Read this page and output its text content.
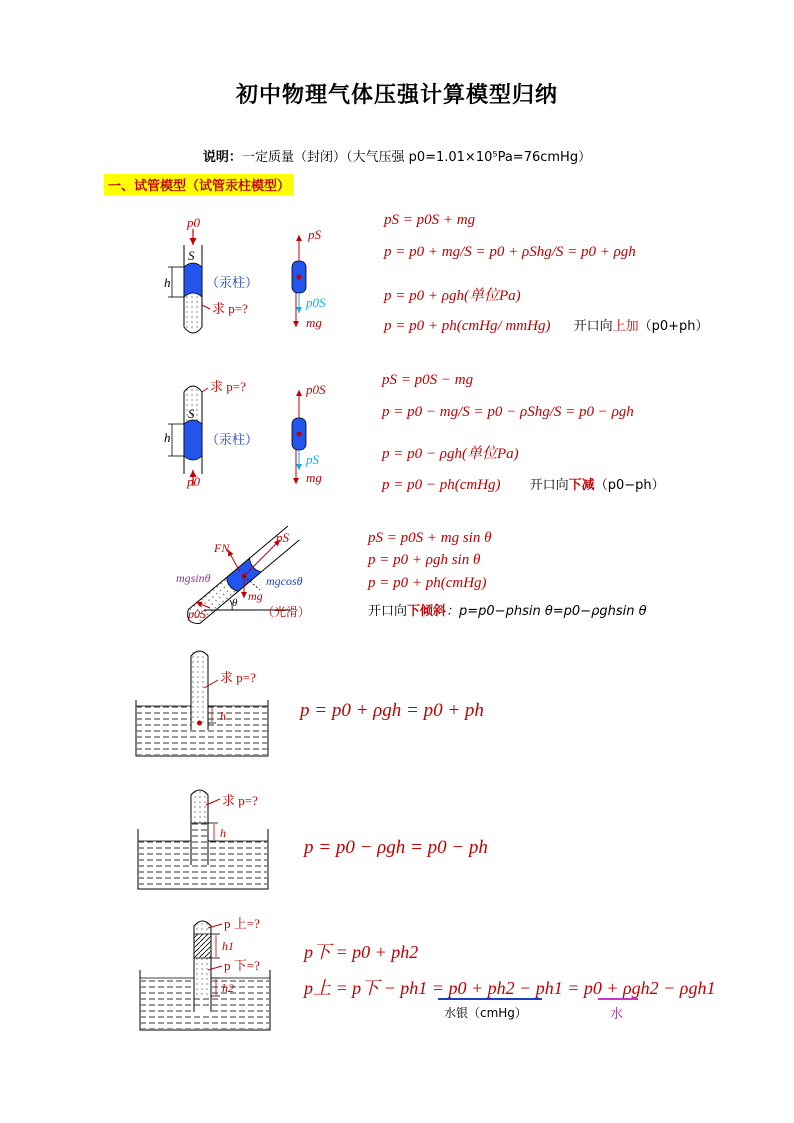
初中物理气体压强计算模型归纳
说明：一定质量（封闭）（大气压强 p0=1.01×10⁵Pa=76cmHg）
一、试管模型（试管汞柱模型）
p0
S
h	（汞柱）
求 p=?
pS
p0S
mg
pS = p0S + mg
p = p0 + mg/S = p0 + ρShg/S = p0 + ρgh
p = p0 + ρgh(单位Pa)
p = p0 + ph(cmHg/ mmHg) 开口向上加（p0+ph）
p0
S
h	（汞柱）
求 p=?	p0S
pS
mg
pS = p0S − mg
p = p0 − mg/S = p0 − ρShg/S = p0 − ρgh
p = p0 − ρgh(单位Pa)
p = p0 − ph(cmHg) 开口向下减（p0−ph）
pS
FN
mg
mgcosθ
mgsinθ
p0S
θ
（光滑）
pS = p0S + mg sin θ
p = p0 + ρgh sin θ
p = p0 + ph(cmHg)
开口向下倾斜：p=p0−phsin θ=p0−ρghsin θ
h
求 p=?
p = p0 + ρgh = p0 + ph
h
求 p=?
p = p0 − ρgh = p0 − ph
h1
h2
p 上=?
p 下=?
p下 = p0 + ph2
p上 = p下 − ph1 = p0 + ph2 − ph1 = p0 + ρgh2 − ρgh1
水银（cmHg）	水
